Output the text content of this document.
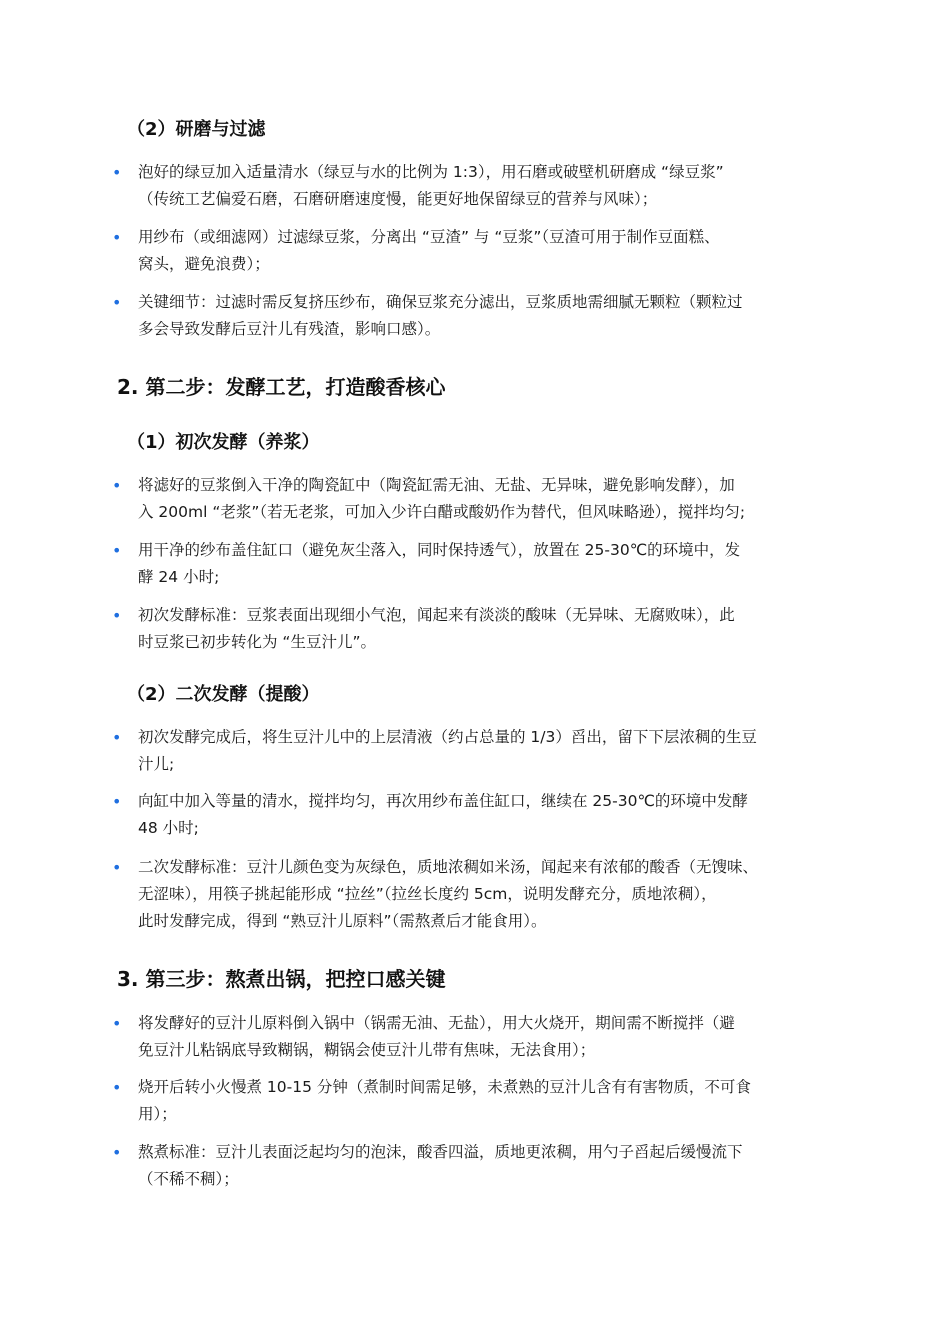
（2）研磨与过滤
• 泡好的绿豆加入适量清水（绿豆与水的比例为 1:3），用石磨或破壁机研磨成 “绿豆浆”
（传统工艺偏爱石磨，石磨研磨速度慢，能更好地保留绿豆的营养与风味）；
• 用纱布（或细滤网）过滤绿豆浆，分离出 “豆渣” 与 “豆浆”（豆渣可用于制作豆面糕、
窝头，避免浪费）；
• 关键细节：过滤时需反复挤压纱布，确保豆浆充分滤出，豆浆质地需细腻无颗粒（颗粒过
多会导致发酵后豆汁儿有残渣，影响口感）。
2. 第二步：发酵工艺，打造酸香核心
（1）初次发酵（养浆）
• 将滤好的豆浆倒入干净的陶瓷缸中（陶瓷缸需无油、无盐、无异味，避免影响发酵），加
入 200ml “老浆”（若无老浆，可加入少许白醋或酸奶作为替代，但风味略逊），搅拌均匀;
• 用干净的纱布盖住缸口（避免灰尘落入，同时保持透气），放置在 25-30℃的环境中，发
酵 24 小时;
• 初次发酵标准：豆浆表面出现细小气泡，闻起来有淡淡的酸味（无异味、无腐败味），此
时豆浆已初步转化为 “生豆汁儿”。
（2）二次发酵（提酸）
• 初次发酵完成后，将生豆汁儿中的上层清液（约占总量的 1/3）舀出，留下下层浓稠的生豆
汁儿;
• 向缸中加入等量的清水，搅拌均匀，再次用纱布盖住缸口，继续在 25-30℃的环境中发酵
48 小时;
• 二次发酵标准：豆汁儿颜色变为灰绿色，质地浓稠如米汤，闻起来有浓郁的酸香（无馊味、
无涩味），用筷子挑起能形成 “拉丝”（拉丝长度约 5cm，说明发酵充分，质地浓稠），
此时发酵完成，得到 “熟豆汁儿原料”（需熬煮后才能食用）。
3. 第三步：熬煮出锅，把控口感关键
• 将发酵好的豆汁儿原料倒入锅中（锅需无油、无盐），用大火烧开，期间需不断搅拌（避
免豆汁儿粘锅底导致糊锅，糊锅会使豆汁儿带有焦味，无法食用）；
• 烧开后转小火慢煮 10-15 分钟（煮制时间需足够，未煮熟的豆汁儿含有有害物质，不可食
用）；
• 熬煮标准：豆汁儿表面泛起均匀的泡沫，酸香四溢，质地更浓稠，用勺子舀起后缓慢流下
（不稀不稠）；
